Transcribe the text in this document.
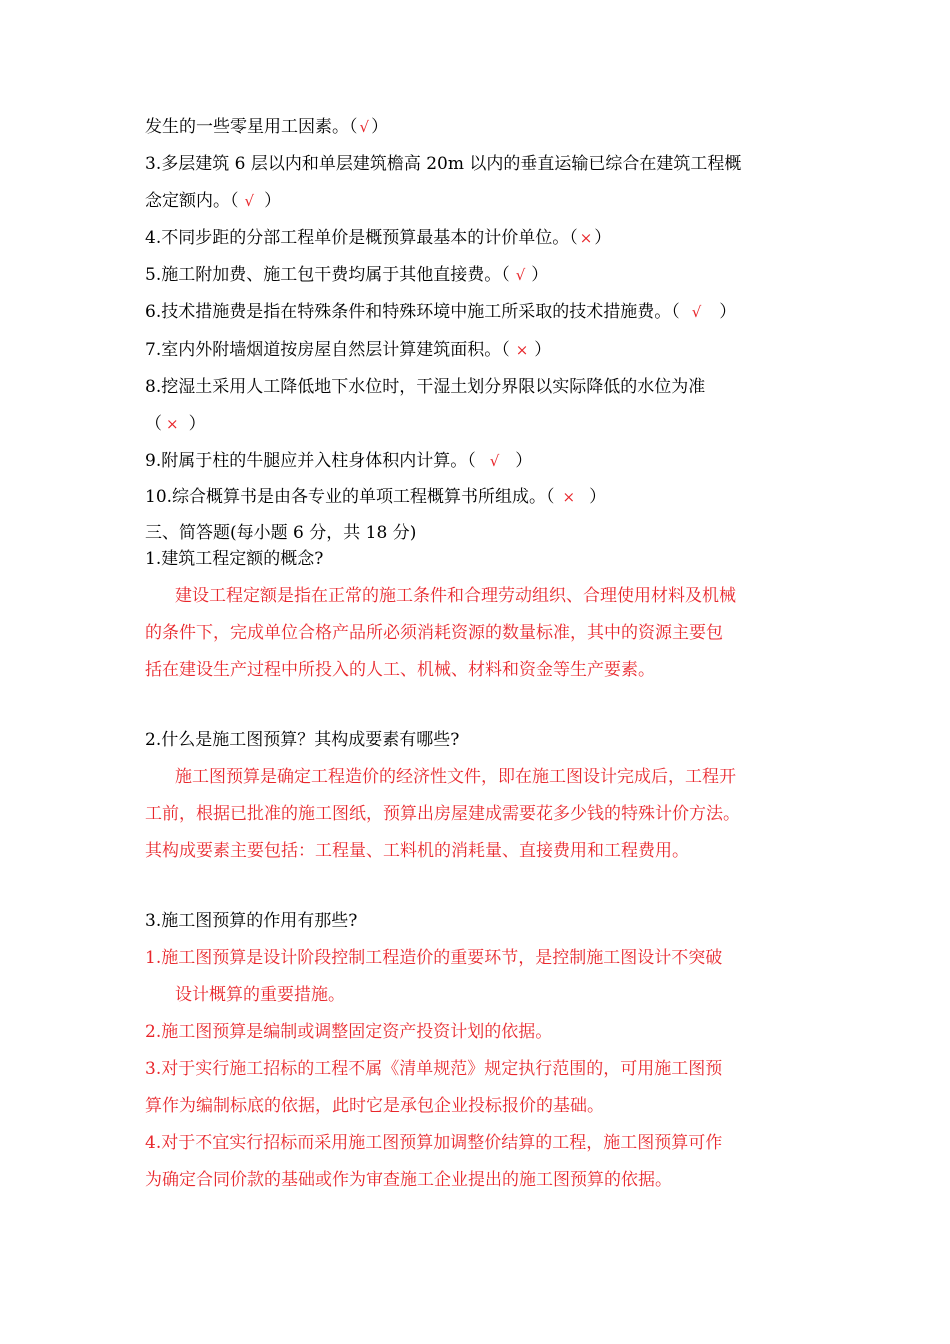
发生的一些零星用工因素。（ √ ）
3.多层建筑 6 层以内和单层建筑檐高 20m 以内的垂直运输已综合在建筑工程概
念定额内。（ √ ）
4.不同步距的分部工程单价是概预算最基本的计价单位。（ × ）
5.施工附加费、施工包干费均属于其他直接费。（ √ ）
6.技术措施费是指在特殊条件和特殊环境中施工所采取的技术措施费。（ √ ）
7.室内外附墙烟道按房屋自然层计算建筑面积。（ × ）
8.挖湿土采用人工降低地下水位时，干湿土划分界限以实际降低的水位为准
（ × ）
9.附属于柱的牛腿应并入柱身体积内计算。（ √ ）
10.综合概算书是由各专业的单项工程概算书所组成。（ × ）
三、简答题(每小题 6 分，共 18 分)
1.建筑工程定额的概念?
建设工程定额是指在正常的施工条件和合理劳动组织、合理使用材料及机械
的条件下，完成单位合格产品所必须消耗资源的数量标准，其中的资源主要包
括在建设生产过程中所投入的人工、机械、材料和资金等生产要素。
2.什么是施工图预算？其构成要素有哪些?
施工图预算是确定工程造价的经济性文件，即在施工图设计完成后，工程开
工前，根据已批准的施工图纸，预算出房屋建成需要花多少钱的特殊计价方法。
其构成要素主要包括：工程量、工料机的消耗量、直接费用和工程费用。
3.施工图预算的作用有那些?
1.施工图预算是设计阶段控制工程造价的重要环节，是控制施工图设计不突破
设计概算的重要措施。
2.施工图预算是编制或调整固定资产投资计划的依据。
3.对于实行施工招标的工程不属《清单规范》规定执行范围的，可用施工图预
算作为编制标底的依据，此时它是承包企业投标报价的基础。
4.对于不宜实行招标而采用施工图预算加调整价结算的工程，施工图预算可作
为确定合同价款的基础或作为审查施工企业提出的施工图预算的依据。
